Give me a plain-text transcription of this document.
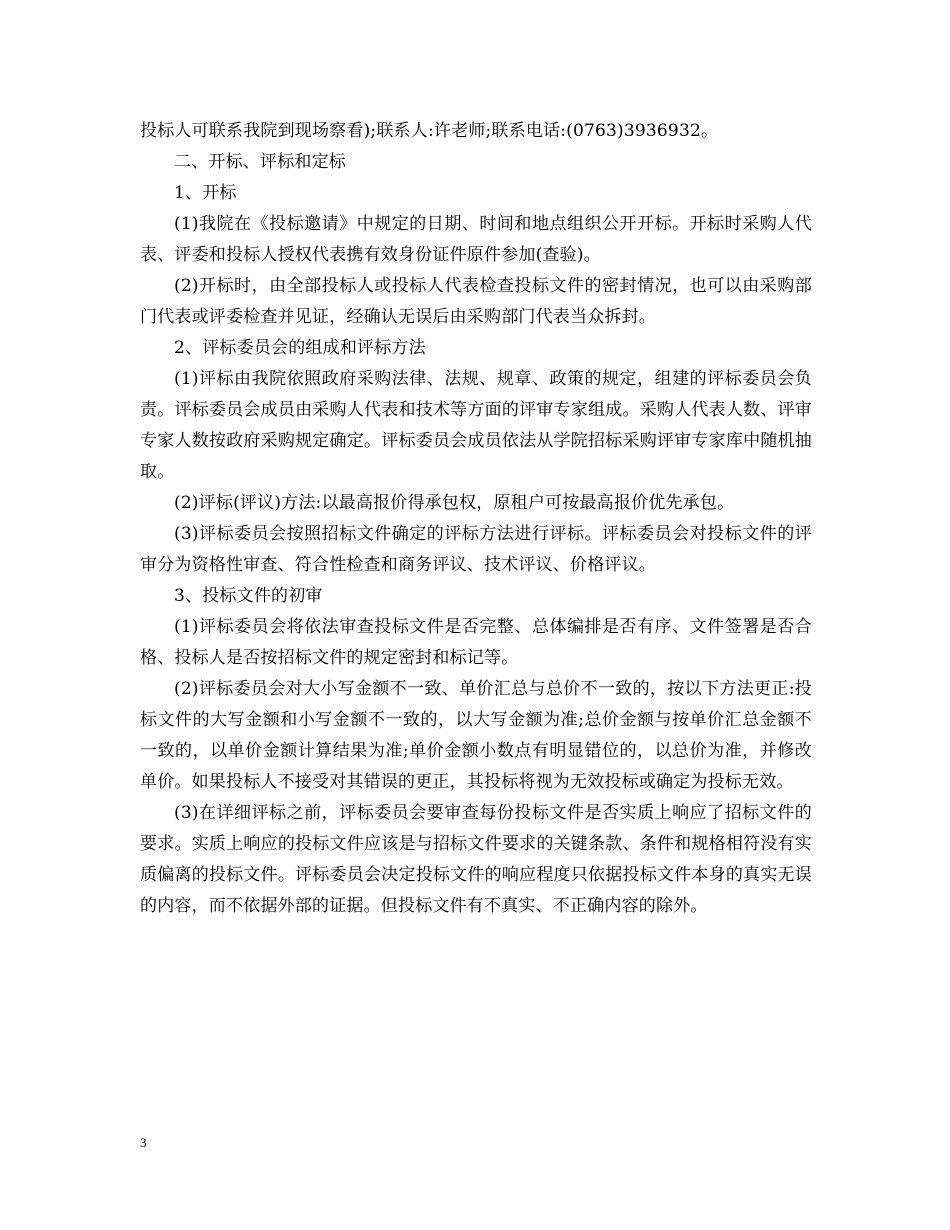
投标人可联系我院到现场察看);联系人:许老师;联系电话:(0763)3936932。

二、开标、评标和定标

1、开标

(1)我院在《投标邀请》中规定的日期、时间和地点组织公开开标。开标时采购人代表、评委和投标人授权代表携有效身份证件原件参加(查验)。

(2)开标时，由全部投标人或投标人代表检查投标文件的密封情况，也可以由采购部门代表或评委检查并见证，经确认无误后由采购部门代表当众拆封。

2、评标委员会的组成和评标方法

(1)评标由我院依照政府采购法律、法规、规章、政策的规定，组建的评标委员会负责。评标委员会成员由采购人代表和技术等方面的评审专家组成。采购人代表人数、评审专家人数按政府采购规定确定。评标委员会成员依法从学院招标采购评审专家库中随机抽取。

(2)评标(评议)方法:以最高报价得承包权，原租户可按最高报价优先承包。

(3)评标委员会按照招标文件确定的评标方法进行评标。评标委员会对投标文件的评审分为资格性审查、符合性检查和商务评议、技术评议、价格评议。

3、投标文件的初审

(1)评标委员会将依法审查投标文件是否完整、总体编排是否有序、文件签署是否合格、投标人是否按招标文件的规定密封和标记等。

(2)评标委员会对大小写金额不一致、单价汇总与总价不一致的，按以下方法更正:投标文件的大写金额和小写金额不一致的，以大写金额为准;总价金额与按单价汇总金额不一致的，以单价金额计算结果为准;单价金额小数点有明显错位的，以总价为准，并修改单价。如果投标人不接受对其错误的更正，其投标将视为无效投标或确定为投标无效。

(3)在详细评标之前，评标委员会要审查每份投标文件是否实质上响应了招标文件的要求。实质上响应的投标文件应该是与招标文件要求的关键条款、条件和规格相符没有实质偏离的投标文件。评标委员会决定投标文件的响应程度只依据投标文件本身的真实无误的内容，而不依据外部的证据。但投标文件有不真实、不正确内容的除外。

3
